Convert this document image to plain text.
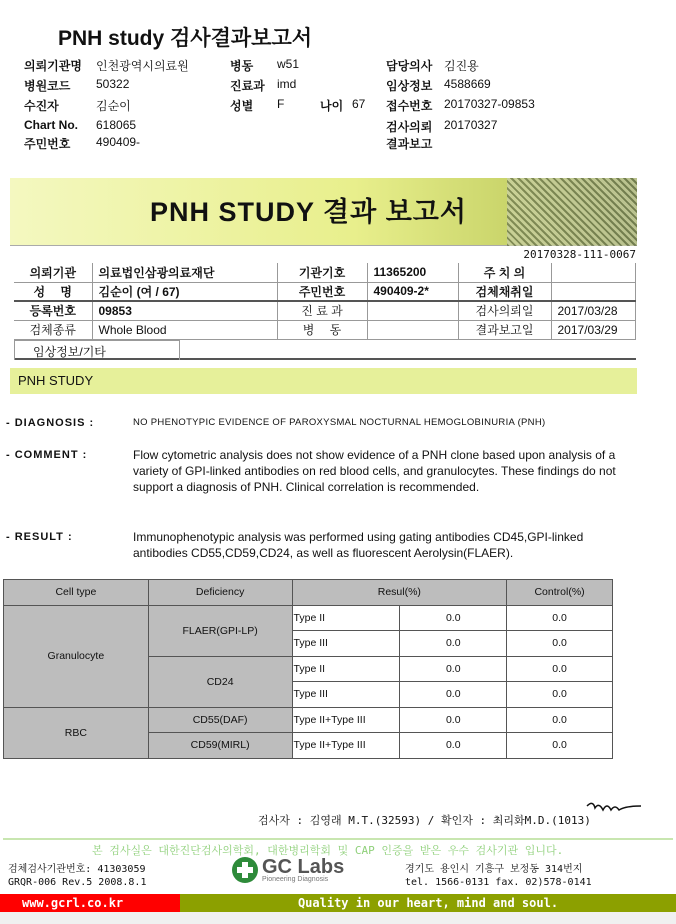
PNH study 검사결과보고서
의뢰기관명 인천광역시의료원
병원코드 50322
수진자	김순이
Chart No. 618065
주민번호 490409-
병동 w51
진료과 imd
성별 F	나이 67
담당의사 김진용
임상정보 4588669
접수번호 20170327-09853
검사의뢰 20170327
결과보고
PNH STUDY 결과 보고서
20170328-111-0067
의뢰기관	의료법인삼광의료재단	기관기호	11365200	주 치 의	
성　 명	김순이 (여 / 67)	주민번호	490409-2*	검체채취일	
등록번호	09853	진 료 과		검사의뢰일	2017/03/28
검체종류	Whole Blood	병　 동		결과보고일	2017/03/29
임상정보/기타
PNH STUDY
- DIAGNOSIS :	NO PHENOTYPIC EVIDENCE OF PAROXYSMAL NOCTURNAL HEMOGLOBINURIA (PNH)
- COMMENT :	Flow cytometric analysis does not show evidence of a PNH clone based upon analysis of a variety of GPI-linked antibodies on red blood cells, and granulocytes. These findings do not support a diagnosis of PNH. Clinical correlation is recommended.
- RESULT :	Immunophenotypic analysis was performed using gating antibodies CD45,GPI-linked antibodies CD55,CD59,CD24, as well as fluorescent Aerolysin(FLAER).
Cell type	Deficiency	Resul(%)		Control(%)
Granulocyte	FLAER(GPI-LP)	Type II	0.0	0.0
		Type III	0.0	0.0
	CD24	Type II	0.0	0.0
		Type III	0.0	0.0
RBC	CD55(DAF)	Type II+Type III	0.0	0.0
	CD59(MIRL)	Type II+Type III	0.0	0.0
검사자 : 김영래 M.T.(32593) / 확인자 : 최리화M.D.(1013)
본 검사실은 대한진단검사의학회, 대한병리학회 및 CAP 인증을 받은 우수 검사기관 입니다.
검체검사기관번호: 41303059
GRQR-006 Rev.5 2008.8.1
GC Labs
Pioneering Diagnosis
경기도 용인시 기흥구 보정동 314번지
tel. 1566-0131 fax. 02)578-0141
www.gcrl.co.kr	Quality in our heart, mind and soul.
